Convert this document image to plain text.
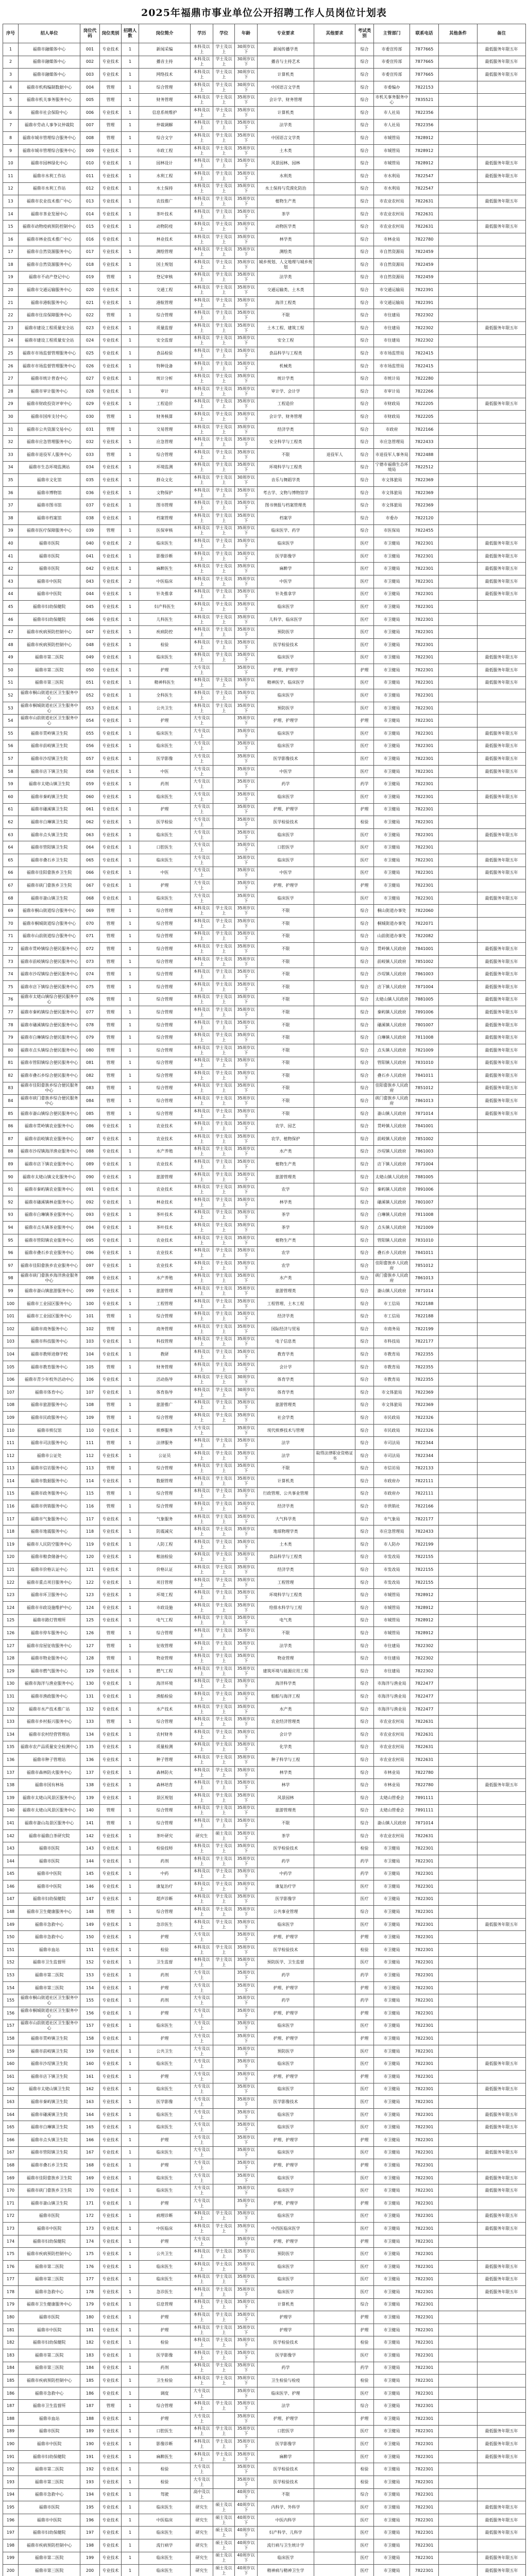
2025年福鼎市事业单位公开招聘工作人员岗位计划表
序号	招人单位	岗位代码	岗位类别	招聘人数	岗位简介	学历	学位	年龄	专业要求	其他要求	考试类别	主管部门	联系电话	其他条件	备注
1	福鼎市融媒体中心	001	专业技术	1	新闻采编	本科及以上	学士及以上	30周岁以下	新闻传播学类		综合	市委宣传部	7877665		最低服务年限五年
2	福鼎市融媒体中心	002	专业技术	1	播音主持	本科及以上	学士及以上	30周岁以下	播音与主持艺术		综合	市委宣传部	7877665		最低服务年限五年
3	福鼎市融媒体中心	003	专业技术	1	网络技术	本科及以上	学士及以上	30周岁以下	计算机类		综合	市委宣传部	7877665		最低服务年限五年
4	福鼎市机构编制数据中心	004	管理	1	综合管理	本科及以上	学士及以上	30周岁以下	中国语言文学类		综合	市委编办	7822153		
5	福鼎市机关事务服务中心	005	管理	1	财务管理	本科及以上	学士及以上	35周岁以下	会计学、财务管理		综合	市机关事务服务中心	7835521		
6	福鼎市社会保险中心	006	专业技术	1	信息系统维护	本科及以上	学士及以上	35周岁以下	计算机类		综合	市人社局	7822356		
7	福鼎市劳动人事争议仲裁院	007	管理	1	仲裁调解	本科及以上	学士及以上	35周岁以下	法学类		综合	市人社局	7822356		
8	福鼎市城市管理综合服务中心	008	管理	1	综合文字	本科及以上	学士及以上	35周岁以下	中国语言文学类		综合	市城管局	7828912		
9	福鼎市城市管理综合服务中心	009	专业技术	1	市政工程	本科及以上	学士及以上	35周岁以下	土木类		综合	市城管局	7828912		
10	福鼎市园林绿化中心	010	专业技术	1	园林设计	本科及以上	学士及以上	35周岁以下	风景园林、园林		综合	市城管局	7828912		最低服务年限五年
11	福鼎市水利工作站	011	专业技术	1	水利工程	本科及以上	学士及以上	35周岁以下	水利类		综合	市水利局	7822547		最低服务年限五年
12	福鼎市水利工作站	012	专业技术	1	水土保持	本科及以上	学士及以上	35周岁以下	水土保持与荒漠化防治		综合	市水利局	7822547		
13	福鼎市农业技术推广中心	013	专业技术	1	农技推广	本科及以上	学士及以上	35周岁以下	植物生产类		综合	市农业农村局	7822631		最低服务年限五年
14	福鼎市茶业发展中心	014	专业技术	1	茶叶技术	本科及以上	学士及以上	35周岁以下	茶学		综合	市农业农村局	7822631		
15	福鼎市动物疫病预防控制中心	015	专业技术	1	动物防疫	本科及以上	学士及以上	35周岁以下	动物医学类		综合	市农业农村局	7822631		最低服务年限五年
16	福鼎市林业技术推广中心	016	专业技术	1	林业技术	本科及以上	学士及以上	35周岁以下	林学类		综合	市林业局	7822780		
17	福鼎市自然资源服务中心	017	专业技术	1	测绘管理	本科及以上	学士及以上	35周岁以下	测绘类		综合	市自然资源局	7822459		
18	福鼎市自然资源服务中心	018	专业技术	1	国土规划	本科及以上	学士及以上	35周岁以下	城乡规划、人文地理与城乡规划		综合	市自然资源局	7822459		
19	福鼎市不动产登记中心	019	管理	1	登记审核	本科及以上	学士及以上	35周岁以下	法学类		综合	市自然资源局	7822459		
20	福鼎市交通运输服务中心	020	专业技术	1	交通工程	本科及以上	学士及以上	35周岁以下	交通运输类、土木类		综合	市交通运输局	7822391		
21	福鼎市港航服务中心	021	专业技术	1	港航管理	本科及以上	学士及以上	35周岁以下	海洋工程类		综合	市交通运输局	7822391		
22	福鼎市住房保障服务中心	022	管理	1	综合管理	本科及以上	学士及以上	35周岁以下	不限		综合	市住建局	7822302		
23	福鼎市建设工程质量安全站	023	专业技术	1	质量监督	本科及以上	学士及以上	35周岁以下	土木工程、建筑工程		综合	市住建局	7822302		最低服务年限五年
24	福鼎市建设工程质量安全站	024	专业技术	1	安全监督	本科及以上	学士及以上	35周岁以下	安全工程		综合	市住建局	7822302		
25	福鼎市市场监督管理服务中心	025	专业技术	1	食品检验	本科及以上	学士及以上	35周岁以下	食品科学与工程类		综合	市市场监管局	7822415		
26	福鼎市市场监督管理服务中心	026	专业技术	1	特种设备	本科及以上	学士及以上	35周岁以下	机械类		综合	市市场监管局	7822415		
27	福鼎市统计普查中心	027	专业技术	1	统计分析	本科及以上	学士及以上	35周岁以下	统计学类		综合	市统计局	7822280		
28	福鼎市审计服务中心	028	专业技术	1	审计	本科及以上	学士及以上	35周岁以下	审计学、会计学		综合	市审计局	7822266		
29	福鼎市财政投资评审中心	029	专业技术	1	工程造价	本科及以上	学士及以上	35周岁以下	工程造价		综合	市财政局	7822205		最低服务年限五年
30	福鼎市国库支付中心	030	管理	1	财务核算	本科及以上	学士及以上	35周岁以下	会计学、财务管理		综合	市财政局	7822205		
31	福鼎市公共资源交易中心	031	管理	1	交易管理	本科及以上	学士及以上	35周岁以下	经济学类		综合	市政府	7822166		
32	福鼎市应急管理服务中心	032	专业技术	1	应急管理	本科及以上	学士及以上	35周岁以下	安全科学与工程类		综合	市应急管理局	7822433		
33	福鼎市退役军人服务中心	033	管理	1	综合管理	本科及以上	学士及以上	35周岁以下	不限	退役军人	综合	市退役军人事务局	7822488		
34	福鼎市生态环境监测站	034	专业技术	1	环境监测	本科及以上	学士及以上	35周岁以下	环境科学与工程类		综合	宁德市福鼎生态环境局	7822512		
35	福鼎市文化馆	035	专业技术	1	群众文化	本科及以上	学士及以上	30周岁以下	音乐与舞蹈学类		综合	市文体旅局	7822369		
36	福鼎市博物馆	036	专业技术	1	文物保护	本科及以上	学士及以上	35周岁以下	考古学、文物与博物馆学		综合	市文体旅局	7822369		
37	福鼎市图书馆	037	专业技术	1	图书管理	本科及以上	学士及以上	35周岁以下	图书情报与档案管理类		综合	市文体旅局	7822369		
38	福鼎市档案馆	038	专业技术	1	档案管理	本科及以上	学士及以上	35周岁以下	档案学		综合	市委办	7822120		
39	福鼎市医疗保障服务中心	039	管理	1	医保审核	本科及以上	学士及以上	35周岁以下	临床医学、药学		综合	市医保局	7822455		
40	福鼎市医院	040	专业技术	2	临床医生	本科及以上	学士及以上	35周岁以下	临床医学		医疗	市卫健局	7822301		最低服务年限五年
41	福鼎市医院	041	专业技术	1	影像诊断	本科及以上	学士及以上	35周岁以下	医学影像学		医疗	市卫健局	7822301		最低服务年限五年
42	福鼎市医院	042	专业技术	1	麻醉医生	本科及以上	学士及以上	35周岁以下	麻醉学		医疗	市卫健局	7822301		最低服务年限五年
43	福鼎市中医院	043	专业技术	2	中医临床	本科及以上	学士及以上	35周岁以下	中医学		医疗	市卫健局	7822301		最低服务年限五年
44	福鼎市中医院	044	专业技术	1	针灸推拿	本科及以上	学士及以上	35周岁以下	针灸推拿学		医疗	市卫健局	7822301		最低服务年限五年
45	福鼎市妇幼保健院	045	专业技术	1	妇产科医生	本科及以上	学士及以上	35周岁以下	临床医学		医疗	市卫健局	7822301		
46	福鼎市妇幼保健院	046	专业技术	1	儿科医生	本科及以上	学士及以上	35周岁以下	儿科学、临床医学		医疗	市卫健局	7822301		
47	福鼎市疾病预防控制中心	047	专业技术	1	疾病防控	本科及以上	学士及以上	35周岁以下	预防医学		医疗	市卫健局	7822301		
48	福鼎市疾病预防控制中心	048	专业技术	1	检验	本科及以上	学士及以上	35周岁以下	医学检验技术		医疗	市卫健局	7822301		
49	福鼎市第二医院	049	专业技术	1	临床医生	本科及以上	学士及以上	35周岁以下	临床医学		医疗	市卫健局	7822301		最低服务年限五年
50	福鼎市第二医院	050	专业技术	1	护理	大专及以上		35周岁以下	护理、护理学		护理	市卫健局	7822301		最低服务年限五年
51	福鼎市第三医院	051	专业技术	1	精神科医生	本科及以上	学士及以上	35周岁以下	精神医学、临床医学		医疗	市卫健局	7822301		最低服务年限五年
52	福鼎市桐山街道社区卫生服务中心	052	专业技术	1	全科医生	本科及以上	学士及以上	35周岁以下	临床医学		医疗	市卫健局	7822301		
53	福鼎市桐城街道社区卫生服务中心	053	专业技术	1	公共卫生	本科及以上	学士及以上	35周岁以下	预防医学		医疗	市卫健局	7822301		
54	福鼎市山前街道社区卫生服务中心	054	专业技术	1	护理	大专及以上		35周岁以下	护理、护理学		护理	市卫健局	7822301		
55	福鼎市贯岭镇卫生院	055	专业技术	1	临床医生	大专及以上		35周岁以下	临床医学		医疗	市卫健局	7822301		最低服务年限五年
56	福鼎市前岐镇卫生院	056	专业技术	1	临床医生	大专及以上		35周岁以下	临床医学		医疗	市卫健局	7822301		最低服务年限五年
57	福鼎市沙埕镇卫生院	057	专业技术	1	医学影像	大专及以上		35周岁以下	医学影像技术		医疗	市卫健局	7822301		最低服务年限五年
58	福鼎市店下镇卫生院	058	专业技术	1	中医	大专及以上		35周岁以下	中医学		医疗	市卫健局	7822301		最低服务年限五年
59	福鼎市太姥山镇卫生院	059	专业技术	1	药剂	大专及以上		35周岁以下	药学		药学	市卫健局	7822301		
60	福鼎市秦屿镇卫生院	060	专业技术	1	临床医生	大专及以上		35周岁以下	临床医学		医疗	市卫健局	7822301		最低服务年限五年
61	福鼎市磻溪镇卫生院	061	专业技术	1	护理	大专及以上		35周岁以下	护理、护理学		护理	市卫健局	7822301		
62	福鼎市白琳镇卫生院	062	专业技术	1	医学检验	大专及以上		35周岁以下	医学检验技术		检验	市卫健局	7822301		
63	福鼎市点头镇卫生院	063	专业技术	1	临床医生	大专及以上		35周岁以下	临床医学		医疗	市卫健局	7822301		最低服务年限五年
64	福鼎市管阳镇卫生院	064	专业技术	1	口腔医生	大专及以上		35周岁以下	口腔医学		医疗	市卫健局	7822301		
65	福鼎市叠石乡卫生院	065	专业技术	1	临床医生	大专及以上		35周岁以下	临床医学		医疗	市卫健局	7822301		最低服务年限五年
66	福鼎市佳阳畲族乡卫生院	066	专业技术	1	中医	大专及以上		35周岁以下	中医学		医疗	市卫健局	7822301		最低服务年限五年
67	福鼎市硖门畲族乡卫生院	067	专业技术	1	护理	大专及以上		35周岁以下	护理、护理学		护理	市卫健局	7822301		
68	福鼎市嵛山镇卫生院	068	专业技术	1	临床医生	大专及以上		35周岁以下	临床医学		医疗	市卫健局	7822301		最低服务年限五年
69	福鼎市桐山街道综合服务中心	069	管理	1	综合管理	本科及以上	学士及以上	35周岁以下	不限		综合	桐山街道办事处	7822060		
70	福鼎市桐城街道综合服务中心	070	管理	1	综合管理	本科及以上	学士及以上	35周岁以下	不限		综合	桐城街道办事处	7822071		
71	福鼎市山前街道综合服务中心	071	管理	1	综合管理	本科及以上	学士及以上	35周岁以下	不限		综合	山前街道办事处	7822082		
72	福鼎市贯岭镇综合便民服务中心	072	管理	1	综合管理	本科及以上	学士及以上	35周岁以下	不限		综合	贯岭镇人民政府	7841001		最低服务年限五年
73	福鼎市前岐镇综合便民服务中心	073	管理	1	综合管理	本科及以上	学士及以上	35周岁以下	不限		综合	前岐镇人民政府	7851002		最低服务年限五年
74	福鼎市沙埕镇综合便民服务中心	074	管理	1	综合管理	本科及以上	学士及以上	35周岁以下	不限		综合	沙埕镇人民政府	7861003		最低服务年限五年
75	福鼎市店下镇综合便民服务中心	075	管理	1	综合管理	本科及以上	学士及以上	35周岁以下	不限		综合	店下镇人民政府	7871004		最低服务年限五年
76	福鼎市太姥山镇综合便民服务中心	076	管理	1	综合管理	本科及以上	学士及以上	35周岁以下	不限		综合	太姥山镇人民政府	7881005		最低服务年限五年
77	福鼎市秦屿镇综合便民服务中心	077	管理	1	综合管理	本科及以上	学士及以上	35周岁以下	不限		综合	秦屿镇人民政府	7891006		最低服务年限五年
78	福鼎市磻溪镇综合便民服务中心	078	管理	1	综合管理	本科及以上	学士及以上	35周岁以下	不限		综合	磻溪镇人民政府	7801007		最低服务年限五年
79	福鼎市白琳镇综合便民服务中心	079	管理	1	综合管理	本科及以上	学士及以上	35周岁以下	不限		综合	白琳镇人民政府	7811008		最低服务年限五年
80	福鼎市点头镇综合便民服务中心	080	管理	1	综合管理	本科及以上	学士及以上	35周岁以下	不限		综合	点头镇人民政府	7821009		最低服务年限五年
81	福鼎市管阳镇综合便民服务中心	081	管理	1	综合管理	本科及以上	学士及以上	35周岁以下	不限		综合	管阳镇人民政府	7831010		最低服务年限五年
82	福鼎市叠石乡综合便民服务中心	082	管理	1	综合管理	本科及以上	学士及以上	35周岁以下	不限		综合	叠石乡人民政府	7841011		最低服务年限五年
83	福鼎市佳阳畲族乡综合便民服务中心	083	管理	1	综合管理	本科及以上	学士及以上	35周岁以下	不限		综合	佳阳畲族乡人民政府	7851012		最低服务年限五年
84	福鼎市硖门畲族乡综合便民服务中心	084	管理	1	综合管理	本科及以上	学士及以上	35周岁以下	不限		综合	硖门畲族乡人民政府	7861013		最低服务年限五年
85	福鼎市嵛山镇综合便民服务中心	085	管理	1	综合管理	本科及以上	学士及以上	35周岁以下	不限		综合	嵛山镇人民政府	7871014		最低服务年限五年
86	福鼎市贯岭镇农业服务中心	086	专业技术	1	农业技术	本科及以上	学士及以上	35周岁以下	农学、园艺		综合	贯岭镇人民政府	7841001		
87	福鼎市前岐镇农业服务中心	087	专业技术	1	农业技术	本科及以上	学士及以上	35周岁以下	农学、植物保护		综合	前岐镇人民政府	7851002		
88	福鼎市沙埕镇海洋渔业服务中心	088	专业技术	1	水产养殖	本科及以上	学士及以上	35周岁以下	水产类		综合	沙埕镇人民政府	7861003		
89	福鼎市店下镇农业服务中心	089	专业技术	1	农业技术	本科及以上	学士及以上	35周岁以下	植物生产类		综合	店下镇人民政府	7871004		
90	福鼎市太姥山镇文化服务中心	090	专业技术	1	旅游管理	本科及以上	学士及以上	35周岁以下	旅游管理类		综合	太姥山镇人民政府	7881005		
91	福鼎市秦屿镇农业服务中心	091	专业技术	1	农业技术	本科及以上	学士及以上	35周岁以下	农学		综合	秦屿镇人民政府	7891006		
92	福鼎市磻溪镇林业服务中心	092	专业技术	1	林业技术	本科及以上	学士及以上	35周岁以下	林学类		综合	磻溪镇人民政府	7801007		
93	福鼎市白琳镇茶业服务中心	093	专业技术	1	茶叶技术	本科及以上	学士及以上	35周岁以下	茶学		综合	白琳镇人民政府	7811008		
94	福鼎市点头镇茶业服务中心	094	专业技术	1	茶叶技术	本科及以上	学士及以上	35周岁以下	茶学		综合	点头镇人民政府	7821009		
95	福鼎市管阳镇农业服务中心	095	专业技术	1	农业技术	本科及以上	学士及以上	35周岁以下	植物生产类		综合	管阳镇人民政府	7831010		
96	福鼎市叠石乡农业服务中心	096	专业技术	1	农业技术	本科及以上	学士及以上	35周岁以下	农学		综合	叠石乡人民政府	7841011		
97	福鼎市佳阳畲族乡农业服务中心	097	专业技术	1	农业技术	本科及以上	学士及以上	35周岁以下	农学		综合	佳阳畲族乡人民政府	7851012		
98	福鼎市硖门畲族乡海洋渔业服务中心	098	专业技术	1	水产养殖	本科及以上	学士及以上	35周岁以下	水产类		综合	硖门畲族乡人民政府	7861013		
99	福鼎市嵛山镇旅游服务中心	099	专业技术	1	旅游管理	本科及以上	学士及以上	35周岁以下	旅游管理类		综合	嵛山镇人民政府	7871014		
100	福鼎市工业园区服务中心	100	专业技术	1	工程管理	本科及以上	学士及以上	35周岁以下	工程管理、土木工程		综合	市工信局	7822188		
101	福鼎市工业园区服务中心	101	管理	1	综合管理	本科及以上	学士及以上	35周岁以下	经济学类		综合	市工信局	7822188		
102	福鼎市商务服务中心	102	管理	1	商务管理	本科及以上	学士及以上	35周岁以下	国际经济与贸易		综合	市商务局	7822199		
103	福鼎市科技服务中心	103	专业技术	1	科技管理	本科及以上	学士及以上	35周岁以下	电子信息类		综合	市科技局	7822177		
104	福鼎市教师进修学校	104	专业技术	1	教研	本科及以上	学士及以上	35周岁以下	教育学类		综合	市教育局	7822355		
105	福鼎市教育服务中心	105	管理	1	财务管理	本科及以上	学士及以上	35周岁以下	会计学		综合	市教育局	7822355		
106	福鼎市青少年校外活动中心	106	专业技术	1	活动指导	本科及以上	学士及以上	30周岁以下	体育学类		综合	市教育局	7822355		
107	福鼎市体育中心	107	专业技术	1	体育指导	本科及以上	学士及以上	30周岁以下	体育学类		综合	市文体旅局	7822369		
108	福鼎市旅游服务中心	108	管理	1	旅游推广	本科及以上	学士及以上	35周岁以下	旅游管理类		综合	市文体旅局	7822369		
109	福鼎市民政服务中心	109	管理	1	综合管理	本科及以上	学士及以上	35周岁以下	社会学类		综合	市民政局	7822326		
110	福鼎市殡仪馆	110	专业技术	1	殡葬服务	大专及以上		35周岁以下	现代殡葬技术与管理		综合	市民政局	7822326		
111	福鼎市司法服务中心	111	管理	1	法律服务	本科及以上	学士及以上	35周岁以下	法学		综合	市司法局	7822344		
112	福鼎市公证处	112	专业技术	1	公证员	本科及以上	学士及以上	35周岁以下	法学	取得法律职业资格证书	综合	市司法局	7822344		
113	福鼎市信访服务中心	113	管理	1	综合管理	本科及以上	学士及以上	35周岁以下	不限		综合	市信访局	7822133		
114	福鼎市数据服务中心	114	专业技术	1	数据管理	本科及以上	学士及以上	35周岁以下	计算机类		综合	市政府办	7822111		
115	福鼎市政务服务中心	115	管理	1	综合管理	本科及以上	学士及以上	35周岁以下	行政管理、公共事业管理		综合	市政府办	7822111		
116	福鼎市供销服务中心	116	管理	1	综合管理	本科及以上	学士及以上	35周岁以下	经济学类		综合	市供销社	7822166		
117	福鼎市气象服务中心	117	专业技术	1	气象服务	本科及以上	学士及以上	35周岁以下	大气科学类		综合	市气象局	7822177		
118	福鼎市地震服务中心	118	专业技术	1	防震减灾	本科及以上	学士及以上	35周岁以下	地球物理学类		综合	市应急管理局	7822433		
119	福鼎市人民防空服务中心	119	专业技术	1	人防工程	本科及以上	学士及以上	35周岁以下	土木类		综合	市人防办	7822199		
120	福鼎市粮食储备中心	120	专业技术	1	粮油检验	本科及以上	学士及以上	35周岁以下	食品科学与工程类		综合	市发改局	7822155		
121	福鼎市价格认证中心	121	专业技术	1	价格认证	本科及以上	学士及以上	35周岁以下	经济学类		综合	市发改局	7822155		
122	福鼎市重点项目服务中心	122	专业技术	1	项目管理	本科及以上	学士及以上	35周岁以下	工程管理		综合	市发改局	7822155		
123	福鼎市环卫服务中心	123	专业技术	1	环境工程	本科及以上	学士及以上	35周岁以下	环境科学与工程类		综合	市城管局	7828912		
124	福鼎市市政设施维护中心	124	专业技术	1	市政设施	本科及以上	学士及以上	35周岁以下	给排水科学与工程		综合	市城管局	7828912		
125	福鼎市路灯管理所	125	专业技术	1	电气工程	本科及以上	学士及以上	35周岁以下	电气类		综合	市城管局	7828912		
126	福鼎市停车服务中心	126	管理	1	综合管理	本科及以上	学士及以上	35周岁以下	不限		综合	市城管局	7828912		
127	福鼎市房屋征收服务中心	127	管理	1	征收管理	本科及以上	学士及以上	35周岁以下	法学类		综合	市住建局	7822302		
128	福鼎市物业服务中心	128	管理	1	物业管理	本科及以上	学士及以上	35周岁以下	物业管理		综合	市住建局	7822302		
129	福鼎市燃气服务中心	129	专业技术	1	燃气工程	本科及以上	学士及以上	35周岁以下	建筑环境与能源应用工程		综合	市住建局	7822302		
130	福鼎市海洋与渔业服务中心	130	专业技术	1	海洋环境	本科及以上	学士及以上	35周岁以下	海洋科学类		综合	市海洋与渔业局	7822477		
131	福鼎市渔政服务中心	131	专业技术	1	渔船检验	本科及以上	学士及以上	35周岁以下	船舶与海洋工程		综合	市海洋与渔业局	7822477		
132	福鼎市水产技术推广站	132	专业技术	1	水产技术	本科及以上	学士及以上	35周岁以下	水产类		综合	市海洋与渔业局	7822477		
133	福鼎市乡村振兴服务中心	133	管理	1	综合管理	本科及以上	学士及以上	35周岁以下	农业经济管理类		综合	市农业农村局	7822631		
134	福鼎市农村经营管理站	134	专业技术	1	农村财务	本科及以上	学士及以上	35周岁以下	会计学		综合	市农业农村局	7822631		
135	福鼎市农产品质量安全检测中心	135	专业技术	1	质量检测	本科及以上	学士及以上	35周岁以下	化学类		综合	市农业农村局	7822631		
136	福鼎市种子管理站	136	专业技术	1	种子管理	本科及以上	学士及以上	35周岁以下	种子科学与工程		综合	市农业农村局	7822631		
137	福鼎市森林防火服务中心	137	专业技术	1	森林防火	本科及以上	学士及以上	35周岁以下	林学类		综合	市林业局	7822780		
138	福鼎市国有林场	138	专业技术	1	森林培育	本科及以上	学士及以上	35周岁以下	林学		综合	市林业局	7822780		最低服务年限五年
139	福鼎市太姥山风景区服务中心	139	专业技术	1	景区规划	本科及以上	学士及以上	35周岁以下	风景园林		综合	太姥山管委会	7891111		
140	福鼎市太姥山风景区服务中心	140	管理	1	综合管理	本科及以上	学士及以上	35周岁以下	旅游管理类		综合	太姥山管委会	7891111		
141	福鼎市嵛山岛景区服务中心	141	管理	1	综合管理	本科及以上	学士及以上	35周岁以下	不限		综合	嵛山镇人民政府	7871014		
142	福鼎市福鼎白茶研究院	142	专业技术	1	茶叶研究	研究生	硕士及以上	35周岁以下	茶学		综合	市农业农村局	7822631		
143	福鼎市医院	143	专业技术	1	检验技师	本科及以上	学士及以上	35周岁以下	医学检验技术		检验	市卫健局	7822301		
144	福鼎市医院	144	专业技术	1	药剂	本科及以上	学士及以上	35周岁以下	药学		药学	市卫健局	7822301		
145	福鼎市中医院	145	专业技术	1	中药	本科及以上	学士及以上	35周岁以下	中药学		药学	市卫健局	7822301		
146	福鼎市中医院	146	专业技术	1	康复治疗	本科及以上	学士及以上	35周岁以下	康复治疗学		医疗	市卫健局	7822301		
147	福鼎市妇幼保健院	147	专业技术	1	超声诊断	本科及以上	学士及以上	35周岁以下	医学影像学		医疗	市卫健局	7822301		
148	福鼎市卫生健康服务中心	148	管理	1	综合管理	本科及以上	学士及以上	35周岁以下	公共事业管理		综合	市卫健局	7822301		
149	福鼎市急救中心	149	专业技术	1	急诊医生	本科及以上	学士及以上	35周岁以下	临床医学		医疗	市卫健局	7822301		最低服务年限五年
150	福鼎市急救中心	150	专业技术	1	护理	大专及以上		35周岁以下	护理、护理学		护理	市卫健局	7822301		
151	福鼎市血站	151	专业技术	1	检验	本科及以上	学士及以上	35周岁以下	医学检验技术		检验	市卫健局	7822301		
152	福鼎市卫生监督所	152	专业技术	1	卫生监督	本科及以上	学士及以上	35周岁以下	预防医学、卫生监督		医疗	市卫健局	7822301		
153	福鼎市第二医院	153	专业技术	1	药剂	大专及以上		35周岁以下	药学		药学	市卫健局	7822301		
154	福鼎市第三医院	154	专业技术	1	护理	大专及以上		35周岁以下	护理、护理学		护理	市卫健局	7822301		
155	福鼎市桐山街道社区卫生服务中心	155	专业技术	1	药剂	大专及以上		35周岁以下	药学		药学	市卫健局	7822301		
156	福鼎市桐城街道社区卫生服务中心	156	专业技术	1	护理	大专及以上		35周岁以下	护理、护理学		护理	市卫健局	7822301		
157	福鼎市山前街道社区卫生服务中心	157	专业技术	1	临床医生	大专及以上		35周岁以下	临床医学		医疗	市卫健局	7822301		
158	福鼎市贯岭镇卫生院	158	专业技术	1	护理	大专及以上		35周岁以下	护理、护理学		护理	市卫健局	7822301		
159	福鼎市前岐镇卫生院	159	专业技术	1	公共卫生	大专及以上		35周岁以下	预防医学		医疗	市卫健局	7822301		
160	福鼎市沙埕镇卫生院	160	专业技术	1	临床医生	大专及以上		35周岁以下	临床医学		医疗	市卫健局	7822301		最低服务年限五年
161	福鼎市店下镇卫生院	161	专业技术	1	护理	大专及以上		35周岁以下	护理、护理学		护理	市卫健局	7822301		
162	福鼎市太姥山镇卫生院	162	专业技术	1	临床医生	大专及以上		35周岁以下	临床医学		医疗	市卫健局	7822301		最低服务年限五年
163	福鼎市秦屿镇卫生院	163	专业技术	1	医学影像	大专及以上		35周岁以下	医学影像技术		医疗	市卫健局	7822301		
164	福鼎市磻溪镇卫生院	164	专业技术	1	临床医生	大专及以上		35周岁以下	临床医学		医疗	市卫健局	7822301		最低服务年限五年
165	福鼎市白琳镇卫生院	165	专业技术	1	临床医生	大专及以上		35周岁以下	临床医学		医疗	市卫健局	7822301		最低服务年限五年
166	福鼎市点头镇卫生院	166	专业技术	1	护理	大专及以上		35周岁以下	护理、护理学		护理	市卫健局	7822301		
167	福鼎市管阳镇卫生院	167	专业技术	1	临床医生	大专及以上		35周岁以下	临床医学		医疗	市卫健局	7822301		最低服务年限五年
168	福鼎市叠石乡卫生院	168	专业技术	1	护理	大专及以上		35周岁以下	护理、护理学		护理	市卫健局	7822301		
169	福鼎市佳阳畲族乡卫生院	169	专业技术	1	临床医生	大专及以上		35周岁以下	临床医学		医疗	市卫健局	7822301		最低服务年限五年
170	福鼎市硖门畲族乡卫生院	170	专业技术	1	临床医生	大专及以上		35周岁以下	临床医学		医疗	市卫健局	7822301		最低服务年限五年
171	福鼎市嵛山镇卫生院	171	专业技术	1	护理	大专及以上		35周岁以下	护理、护理学		护理	市卫健局	7822301		
172	福鼎市医院	172	专业技术	1	病理诊断	本科及以上	学士及以上	35周岁以下	临床医学		医疗	市卫健局	7822301		最低服务年限五年
173	福鼎市中医院	173	专业技术	1	中医临床	本科及以上	学士及以上	35周岁以下	中西医临床医学		医疗	市卫健局	7822301		最低服务年限五年
174	福鼎市妇幼保健院	174	专业技术	1	护理	大专及以上		35周岁以下	护理、护理学		护理	市卫健局	7822301		
175	福鼎市疾病预防控制中心	175	专业技术	1	公共卫生	本科及以上	学士及以上	35周岁以下	预防医学		医疗	市卫健局	7822301		
176	福鼎市第二医院	176	专业技术	1	临床医生	本科及以上	学士及以上	35周岁以下	临床医学		医疗	市卫健局	7822301		最低服务年限五年
177	福鼎市第三医院	177	专业技术	1	临床医生	本科及以上	学士及以上	35周岁以下	临床医学		医疗	市卫健局	7822301		最低服务年限五年
178	福鼎市急救中心	178	专业技术	1	急诊医生	本科及以上	学士及以上	35周岁以下	临床医学		医疗	市卫健局	7822301		最低服务年限五年
179	福鼎市卫生健康服务中心	179	专业技术	1	信息管理	本科及以上	学士及以上	35周岁以下	计算机类		综合	市卫健局	7822301		
180	福鼎市医院	180	专业技术	1	护理	本科及以上	学士及以上	35周岁以下	护理学		护理	市卫健局	7822301		
181	福鼎市中医院	181	专业技术	1	护理	本科及以上	学士及以上	35周岁以下	护理学		护理	市卫健局	7822301		
182	福鼎市妇幼保健院	182	专业技术	1	检验	本科及以上	学士及以上	35周岁以下	医学检验技术		检验	市卫健局	7822301		
183	福鼎市第二医院	183	专业技术	1	医学影像	本科及以上	学士及以上	35周岁以下	医学影像学		医疗	市卫健局	7822301		
184	福鼎市第三医院	184	专业技术	1	药剂	本科及以上	学士及以上	35周岁以下	药学		药学	市卫健局	7822301		
185	福鼎市疾病预防控制中心	185	专业技术	1	卫生检验	本科及以上	学士及以上	35周岁以下	卫生检验与检疫		检验	市卫健局	7822301		
186	福鼎市急救中心	186	专业技术	1	调度	大专及以上		35周岁以下	临床医学、护理		医疗	市卫健局	7822301		
187	福鼎市卫生监督所	187	管理	1	综合管理	本科及以上	学士及以上	35周岁以下	法学		综合	市卫健局	7822301		
188	福鼎市血站	188	专业技术	1	护理	大专及以上		35周岁以下	护理、护理学		护理	市卫健局	7822301		
189	福鼎市医院	189	专业技术	1	口腔医生	本科及以上	学士及以上	35周岁以下	口腔医学		医疗	市卫健局	7822301		最低服务年限五年
190	福鼎市中医院	190	专业技术	1	影像诊断	本科及以上	学士及以上	35周岁以下	医学影像学		医疗	市卫健局	7822301		最低服务年限五年
191	福鼎市妇幼保健院	191	专业技术	1	麻醉医生	本科及以上	学士及以上	35周岁以下	麻醉学		医疗	市卫健局	7822301		最低服务年限五年
192	福鼎市第二医院	192	专业技术	1	检验	大专及以上		35周岁以下	医学检验技术		检验	市卫健局	7822301		
193	福鼎市第三医院	193	专业技术	1	检验	大专及以上		35周岁以下	医学检验技术		检验	市卫健局	7822301		
194	福鼎市急救中心	194	专业技术	1	驾驶	高中及以上		40周岁以下	不限		综合	市卫健局	7822301		
195	福鼎市医院	195	专业技术	1	临床医生	研究生	硕士及以上	40周岁以下	内科学、外科学		医疗	市卫健局	7822301		最低服务年限五年
196	福鼎市中医院	196	专业技术	1	中医临床	研究生	硕士及以上	40周岁以下	中医内科学		医疗	市卫健局	7822301		最低服务年限五年
197	福鼎市妇幼保健院	197	专业技术	1	临床医生	研究生	硕士及以上	40周岁以下	妇产科学、儿科学		医疗	市卫健局	7822301		最低服务年限五年
198	福鼎市疾病预防控制中心	198	专业技术	1	流行病学	研究生	硕士及以上	40周岁以下	流行病与卫生统计学		医疗	市卫健局	7822301		
199	福鼎市第二医院	199	专业技术	1	临床医生	研究生	硕士及以上	40周岁以下	临床医学		医疗	市卫健局	7822301		最低服务年限五年
200	福鼎市第三医院	200	专业技术	1	临床医生	研究生	硕士及以上	40周岁以下	精神病与精神卫生学		医疗	市卫健局	7822301		最低服务年限五年
